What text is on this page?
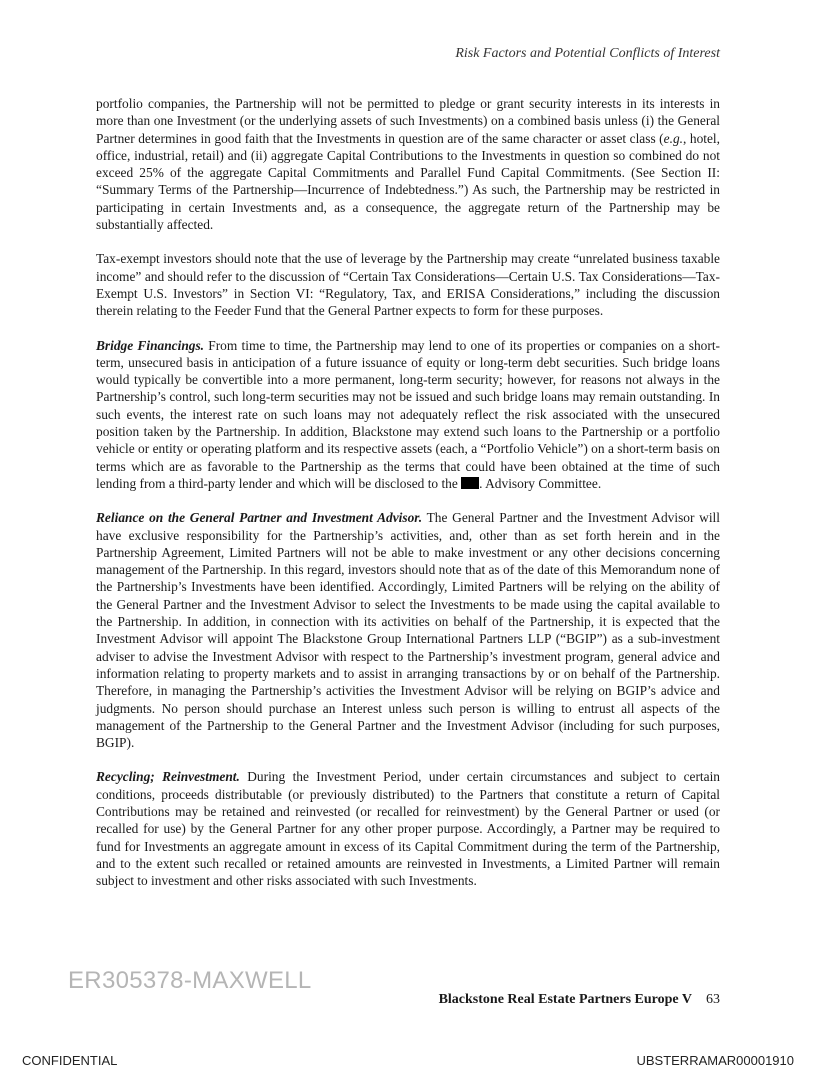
Risk Factors and Potential Conflicts of Interest

portfolio companies, the Partnership will not be permitted to pledge or grant security interests in its interests in more than one Investment (or the underlying assets of such Investments) on a combined basis unless (i) the General Partner determines in good faith that the Investments in question are of the same character or asset class (e.g., hotel, office, industrial, retail) and (ii) aggregate Capital Contributions to the Investments in question so combined do not exceed 25% of the aggregate Capital Commitments and Parallel Fund Capital Commitments. (See Section II: “Summary Terms of the Partnership—Incurrence of Indebtedness.”) As such, the Partnership may be restricted in participating in certain Investments and, as a consequence, the aggregate return of the Partnership may be substantially affected.

Tax-exempt investors should note that the use of leverage by the Partnership may create “unrelated business taxable income” and should refer to the discussion of “Certain Tax Considerations—Certain U.S. Tax Considerations—Tax-Exempt U.S. Investors” in Section VI: “Regulatory, Tax, and ERISA Considerations,” including the discussion therein relating to the Feeder Fund that the General Partner expects to form for these purposes.

Bridge Financings. From time to time, the Partnership may lend to one of its properties or companies on a short-term, unsecured basis in anticipation of a future issuance of equity or long-term debt securities. Such bridge loans would typically be convertible into a more permanent, long-term security; however, for reasons not always in the Partnership’s control, such long-term securities may not be issued and such bridge loans may remain outstanding. In such events, the interest rate on such loans may not adequately reflect the risk associated with the unsecured position taken by the Partnership. In addition, Blackstone may extend such loans to the Partnership or a portfolio vehicle or entity or operating platform and its respective assets (each, a “Portfolio Vehicle”) on a short-term basis on terms which are as favorable to the Partnership as the terms that could have been obtained at the time of such lending from a third-party lender and which will be disclosed to the . Advisory Committee.

Reliance on the General Partner and Investment Advisor. The General Partner and the Investment Advisor will have exclusive responsibility for the Partnership’s activities, and, other than as set forth herein and in the Partnership Agreement, Limited Partners will not be able to make investment or any other decisions concerning management of the Partnership. In this regard, investors should note that as of the date of this Memorandum none of the Partnership’s Investments have been identified. Accordingly, Limited Partners will be relying on the ability of the General Partner and the Investment Advisor to select the Investments to be made using the capital available to the Partnership. In addition, in connection with its activities on behalf of the Partnership, it is expected that the Investment Advisor will appoint The Blackstone Group International Partners LLP (“BGIP”) as a sub-investment adviser to advise the Investment Advisor with respect to the Partnership’s investment program, general advice and information relating to property markets and to assist in arranging transactions by or on behalf of the Partnership. Therefore, in managing the Partnership’s activities the Investment Advisor will be relying on BGIP’s advice and judgments. No person should purchase an Interest unless such person is willing to entrust all aspects of the management of the Partnership to the General Partner and the Investment Advisor (including for such purposes, BGIP).

Recycling; Reinvestment. During the Investment Period, under certain circumstances and subject to certain conditions, proceeds distributable (or previously distributed) to the Partners that constitute a return of Capital Contributions may be retained and reinvested (or recalled for reinvestment) by the General Partner or used (or recalled for use) by the General Partner for any other proper purpose. Accordingly, a Partner may be required to fund for Investments an aggregate amount in excess of its Capital Commitment during the term of the Partnership, and to the extent such recalled or retained amounts are reinvested in Investments, a Limited Partner will remain subject to investment and other risks associated with such Investments.

ER305378-MAXWELL
Blackstone Real Estate Partners Europe V 63
CONFIDENTIAL	UBSTERRAMAR00001910
